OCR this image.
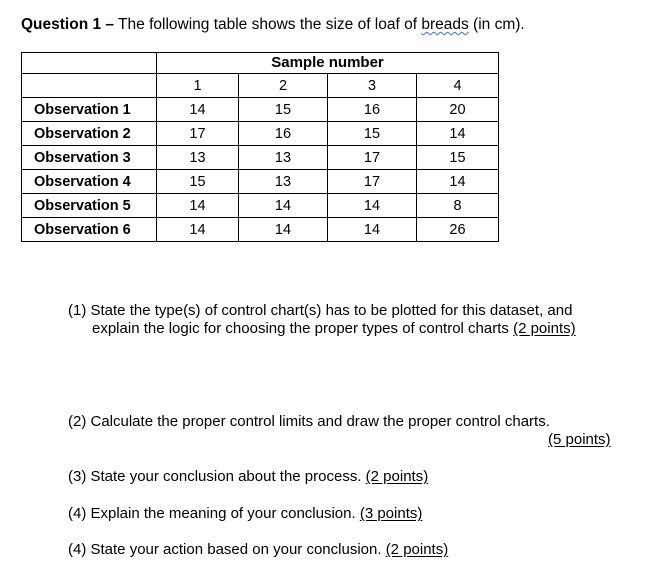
Question 1 – The following table shows the size of loaf of breads (in cm).
	Sample number			
	1	2	3	4
Observation 1	14	15	16	20
Observation 2	17	16	15	14
Observation 3	13	13	17	15
Observation 4	15	13	17	14
Observation 5	14	14	14	8
Observation 6	14	14	14	26
(1) State the type(s) of control chart(s) has to be plotted for this dataset, and
explain the logic for choosing the proper types of control charts (2 points)
(2) Calculate the proper control limits and draw the proper control charts.
(5 points)
(3) State your conclusion about the process. (2 points)
(4) Explain the meaning of your conclusion. (3 points)
(4) State your action based on your conclusion. (2 points)
